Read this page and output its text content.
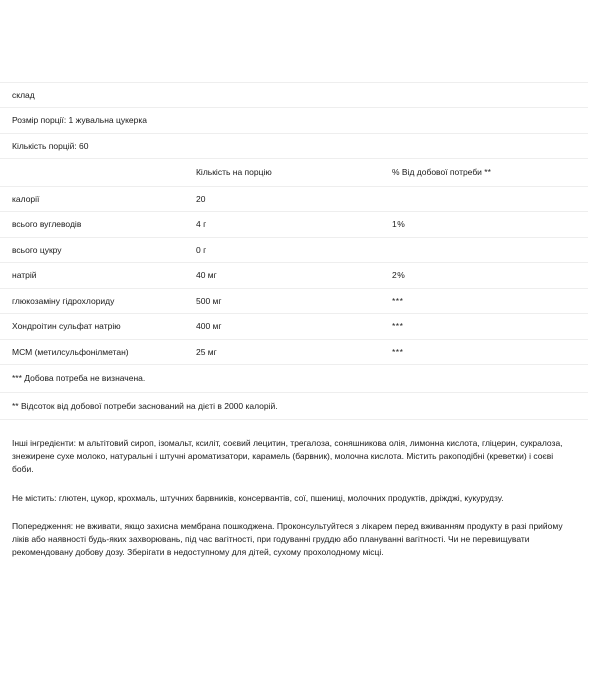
склад		
Розмір порції: 1 жувальна цукерка		
Кількість порцій: 60		
	Кількість на порцію	% Від добової потреби **
калорії	20	
всього вуглеводів	4 г	1%
всього цукру	0 г	
натрій	40 мг	2%
глюкозаміну гідрохлориду	500 мг	***
Хондроітин сульфат натрію	400 мг	***
МСМ (метилсульфонілметан)	25 мг	***
*** Добова потреба не визначена.		
** Відсоток від добової потреби заснований на дієті в 2000 калорій.		

Інші інгредієнти: м альтітовий сироп, ізомальт, ксиліт, соєвий лецитин, трегалоза, соняшникова олія, лимонна кислота, гліцерин, сукралоза, знежирене сухе молоко, натуральні і штучні ароматизатори, карамель (барвник), молочна кислота. Містить ракоподібні (креветки) і соєві боби.

Не містить: глютен, цукор, крохмаль, штучних барвників, консервантів, сої, пшениці, молочних продуктів, дріжджі, кукурудзу.

Попередження: не вживати, якщо захисна мембрана пошкоджена. Проконсультуйтеся з лікарем перед вживанням продукту в разі прийому ліків або наявності будь-яких захворювань, під час вагітності, при годуванні груддю або плануванні вагітності. Чи не перевищувати рекомендовану добову дозу. Зберігати в недоступному для дітей, сухому прохолодному місці.
